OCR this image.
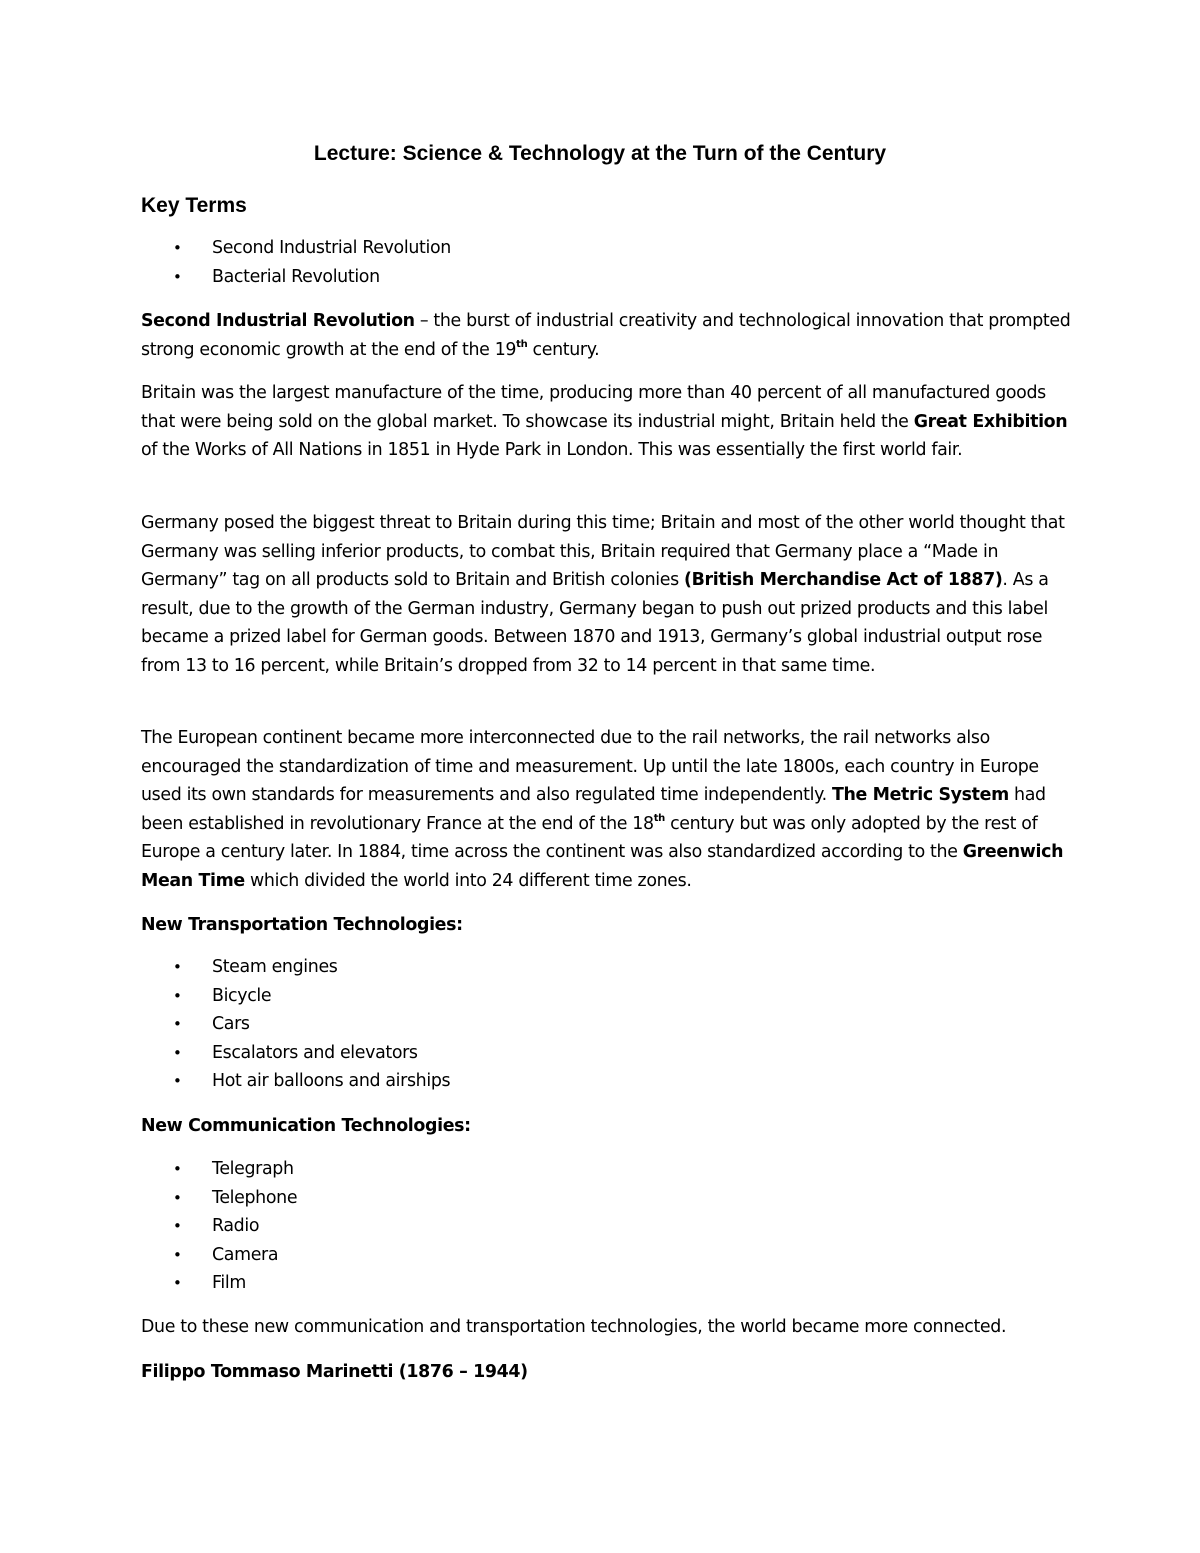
Lecture: Science & Technology at the Turn of the Century
Key Terms
• Second Industrial Revolution
• Bacterial Revolution

Second Industrial Revolution – the burst of industrial creativity and technological innovation that prompted strong economic growth at the end of the 19th century.

Britain was the largest manufacture of the time, producing more than 40 percent of all manufactured goods that were being sold on the global market. To showcase its industrial might, Britain held the Great Exhibition of the Works of All Nations in 1851 in Hyde Park in London. This was essentially the first world fair.

Germany posed the biggest threat to Britain during this time; Britain and most of the other world thought that Germany was selling inferior products, to combat this, Britain required that Germany place a “Made in Germany” tag on all products sold to Britain and British colonies (British Merchandise Act of 1887). As a result, due to the growth of the German industry, Germany began to push out prized products and this label became a prized label for German goods. Between 1870 and 1913, Germany’s global industrial output rose from 13 to 16 percent, while Britain’s dropped from 32 to 14 percent in that same time.

The European continent became more interconnected due to the rail networks, the rail networks also encouraged the standardization of time and measurement. Up until the late 1800s, each country in Europe used its own standards for measurements and also regulated time independently. The Metric System had been established in revolutionary France at the end of the 18th century but was only adopted by the rest of Europe a century later. In 1884, time across the continent was also standardized according to the Greenwich Mean Time which divided the world into 24 different time zones.

New Transportation Technologies:

• Steam engines
• Bicycle
• Cars
• Escalators and elevators
• Hot air balloons and airships

New Communication Technologies:

• Telegraph
• Telephone
• Radio
• Camera
• Film

Due to these new communication and transportation technologies, the world became more connected.

Filippo Tommaso Marinetti (1876 – 1944)
